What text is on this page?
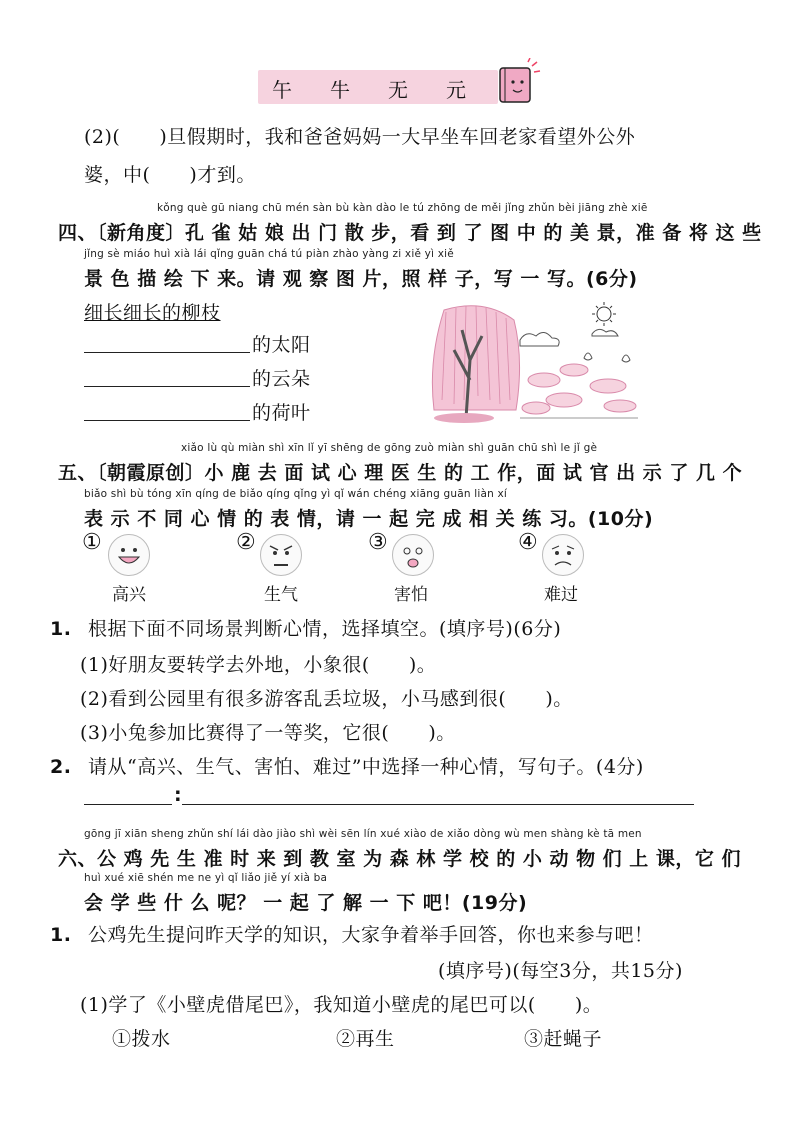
午 牛 无 元
(2)(　　)旦假期时，我和爸爸妈妈一大早坐车回老家看望外公外
婆，中(　　)才到。
kǒng què gū niang chū mén sàn bù kàn dào le tú zhōng de měi jǐng zhǔn bèi jiāng zhè xiē
四、〔新角度〕孔 雀 姑 娘 出 门 散 步，看 到 了 图 中 的 美 景，准 备 将 这 些
jǐng sè miáo huì xià lái qǐng guān chá tú piàn zhào yàng zi xiě yì xiě
景 色 描 绘 下 来。请 观 察 图 片，照 样 子，写 一 写。(6分)
细长细长的柳枝
的太阳
的云朵
的荷叶
xiǎo lù qù miàn shì xīn lǐ yī shēng de gōng zuò miàn shì guān chū shì le jǐ gè
五、〔朝霞原创〕小 鹿 去 面 试 心 理 医 生 的 工 作，面 试 官 出 示 了 几 个
biǎo shì bù tóng xīn qíng de biǎo qíng qǐng yì qǐ wán chéng xiāng guān liàn xí
表 示 不 同 心 情 的 表 情，请 一 起 完 成 相 关 练 习。(10分)
①
高兴
②
生气
③
害怕
④
难过
1. 根据下面不同场景判断心情，选择填空。(填序号)(6分)
(1)好朋友要转学去外地，小象很(　　)。
(2)看到公园里有很多游客乱丢垃圾，小马感到很(　　)。
(3)小兔参加比赛得了一等奖，它很(　　)。
2. 请从“高兴、生气、害怕、难过”中选择一种心情，写句子。(4分)
:
gōng jī xiān sheng zhǔn shí lái dào jiào shì wèi sēn lín xué xiào de xiǎo dòng wù men shàng kè tā men
六、公 鸡 先 生 准 时 来 到 教 室 为 森 林 学 校 的 小 动 物 们 上 课，它 们
huì xué xiē shén me ne yì qǐ liǎo jiě yí xià ba
会 学 些 什 么 呢？ 一 起 了 解 一 下 吧！(19分)
1. 公鸡先生提问昨天学的知识，大家争着举手回答，你也来参与吧！
(填序号)(每空3分，共15分)
(1)学了《小壁虎借尾巴》，我知道小壁虎的尾巴可以(　　)。
①拨水	②再生	③赶蝇子
